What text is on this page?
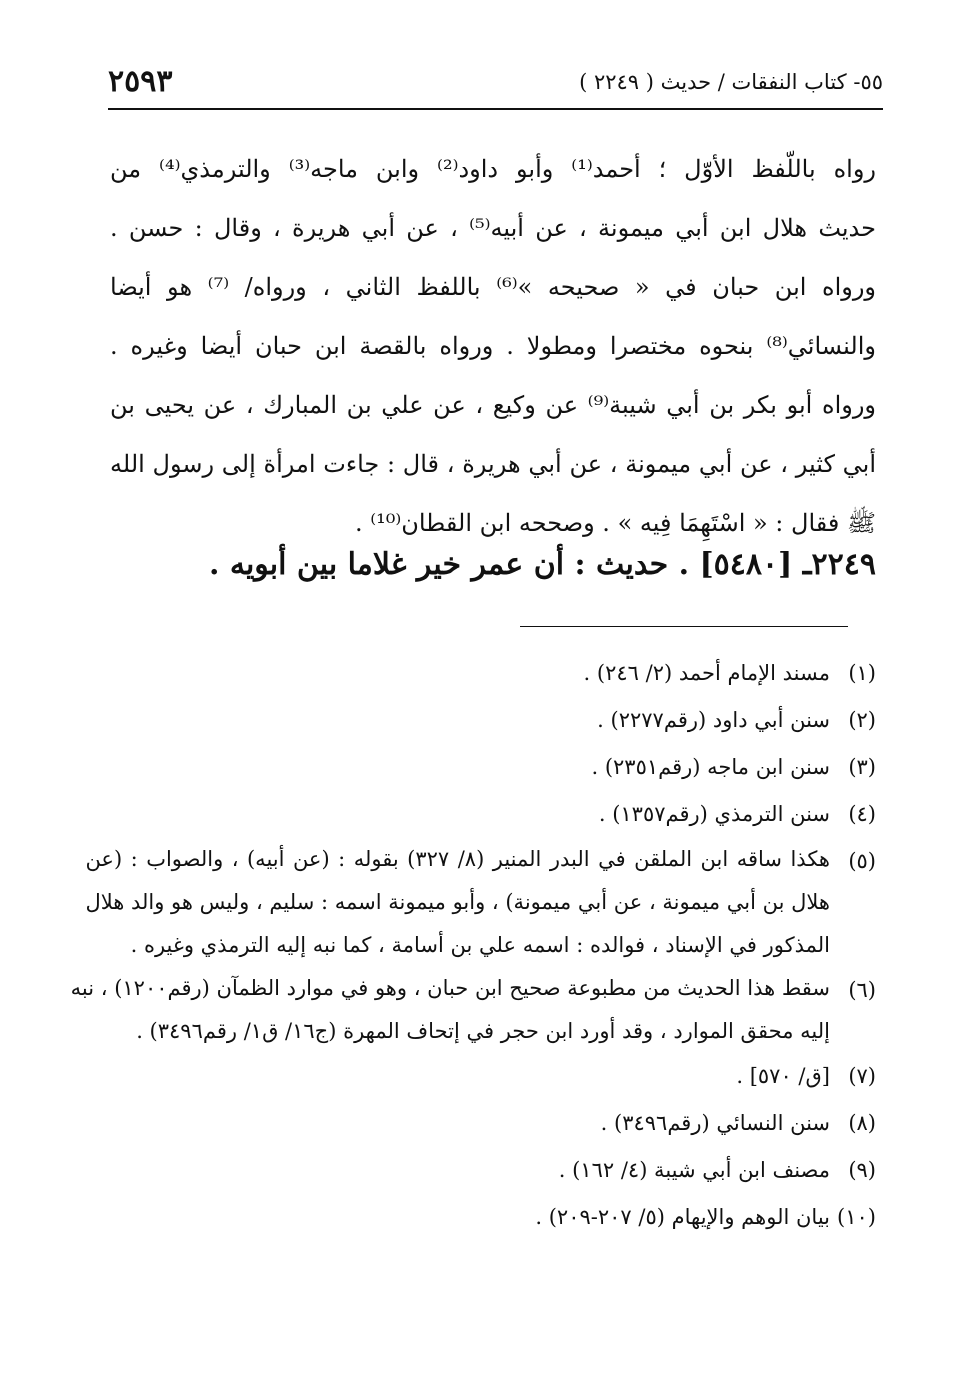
٥٥- كتاب النفقات / حديث ( ٢٢٤٩ )
٢٥٩٣
رواه باللّفظ الأوّل ؛ أحمد⁽¹⁾ وأبو داود⁽²⁾ وابن ماجه⁽³⁾ والترمذي⁽⁴⁾ من
حديث هلال ابن أبي ميمونة ، عن أبيه⁽⁵⁾ ، عن أبي هريرة ، وقال : حسن .
ورواه ابن حبان في « صحيحه »⁽⁶⁾ باللفظ الثاني ، ورواه/ ⁽⁷⁾ هو أيضا
والنسائي⁽⁸⁾ بنحوه مختصرا ومطولا . ورواه بالقصة ابن حبان أيضا وغيره .
ورواه أبو بكر بن أبي شيبة⁽⁹⁾ عن وكيع ، عن علي بن المبارك ، عن يحيى بن
أبي كثير ، عن أبي ميمونة ، عن أبي هريرة ، قال : جاءت امرأة إلى رسول الله
ﷺ فقال : « اسْتَهِمَا فِيه » . وصححه ابن القطان⁽¹⁰⁾ .
٢٢٤٩ـ [٥٤٨٠] . حديث : أن عمر خير غلاما بين أبويه .
(١)
مسند الإمام أحمد (٢/ ٢٤٦) .
(٢)
سنن أبي داود (رقم٢٢٧٧) .
(٣)
سنن ابن ماجه (رقم٢٣٥١) .
(٤)
سنن الترمذي (رقم١٣٥٧) .
(٥)
هكذا ساقه ابن الملقن في البدر المنير (٨/ ٣٢٧) بقوله : (عن أبيه) ، والصواب : (عن
هلال بن أبي ميمونة ، عن أبي ميمونة) ، وأبو ميمونة اسمه : سليم ، وليس هو والد هلال
المذكور في الإسناد ، فوالده : اسمه علي بن أسامة ، كما نبه إليه الترمذي وغيره .
(٦)
سقط هذا الحديث من مطبوعة صحيح ابن حبان ، وهو في موارد الظمآن (رقم١٢٠٠) ، نبه
إليه محقق الموارد ، وقد أورد ابن حجر في إتحاف المهرة (ج١٦/ ق١/ رقم٣٤٩٦) .
(٧)
[ق/ ٥٧٠] .
(٨)
سنن النسائي (رقم٣٤٩٦) .
(٩)
مصنف ابن أبي شيبة (٤/ ١٦٢) .
(١٠)
بيان الوهم والإيهام (٥/ ٢٠٧-٢٠٩) .
